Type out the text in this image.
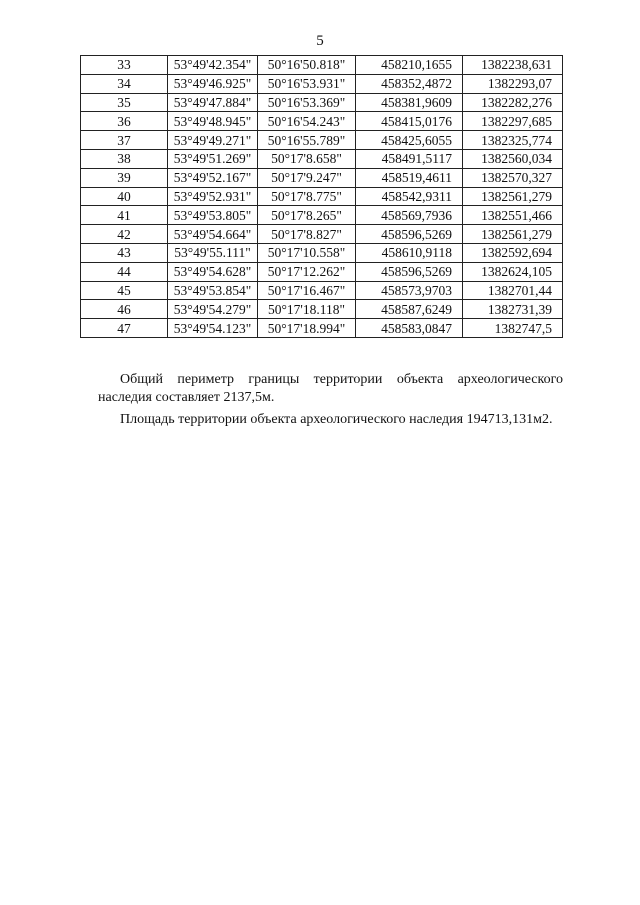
5
33	53°49'42.354"	50°16'50.818"	458210,1655	1382238,631
34	53°49'46.925"	50°16'53.931"	458352,4872	1382293,07
35	53°49'47.884"	50°16'53.369"	458381,9609	1382282,276
36	53°49'48.945"	50°16'54.243"	458415,0176	1382297,685
37	53°49'49.271"	50°16'55.789"	458425,6055	1382325,774
38	53°49'51.269"	50°17'8.658"	458491,5117	1382560,034
39	53°49'52.167"	50°17'9.247"	458519,4611	1382570,327
40	53°49'52.931"	50°17'8.775"	458542,9311	1382561,279
41	53°49'53.805"	50°17'8.265"	458569,7936	1382551,466
42	53°49'54.664"	50°17'8.827"	458596,5269	1382561,279
43	53°49'55.111"	50°17'10.558"	458610,9118	1382592,694
44	53°49'54.628"	50°17'12.262"	458596,5269	1382624,105
45	53°49'53.854"	50°17'16.467"	458573,9703	1382701,44
46	53°49'54.279"	50°17'18.118"	458587,6249	1382731,39
47	53°49'54.123"	50°17'18.994"	458583,0847	1382747,5

Общий периметр границы территории объекта археологического наследия составляет 2137,5м.

Площадь территории объекта археологического наследия 194713,131м2.
